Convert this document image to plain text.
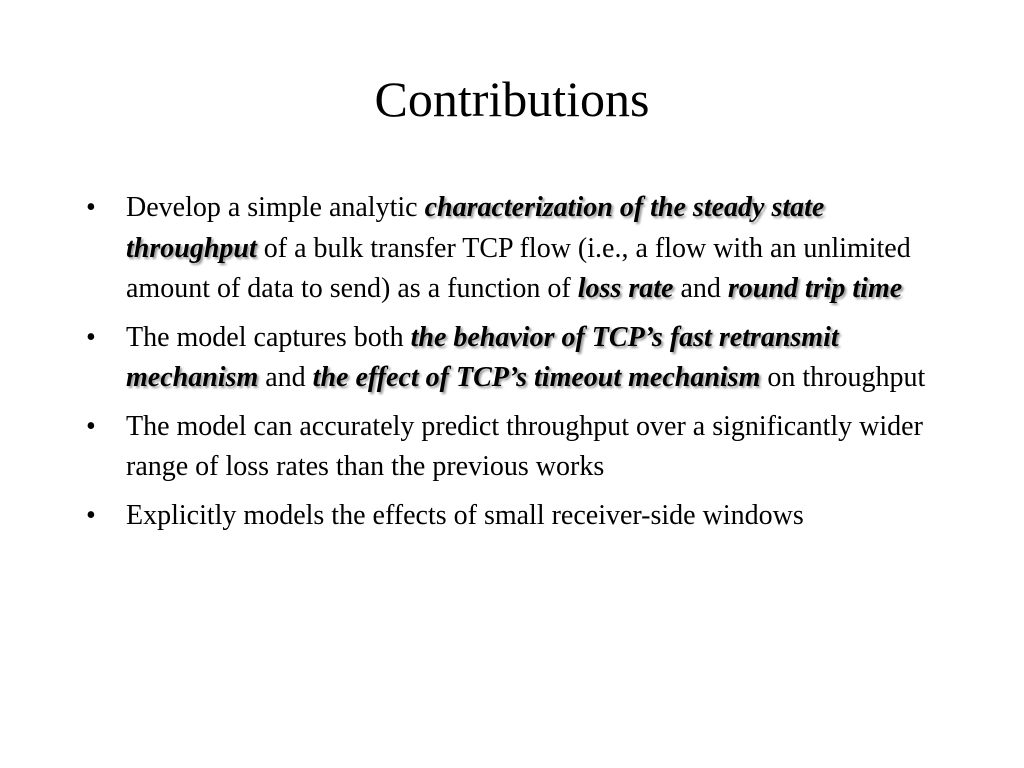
Contributions
•	Develop a simple analytic characterization of the steady state throughput of a bulk transfer TCP flow (i.e., a flow with an unlimited amount of data to send) as a function of loss rate and round trip time
•	The model captures both the behavior of TCP’s fast retransmit mechanism and the effect of TCP’s timeout mechanism on throughput
•	The model can accurately predict throughput over a significantly wider range of loss rates than the previous works
•	Explicitly models the effects of small receiver-side windows
